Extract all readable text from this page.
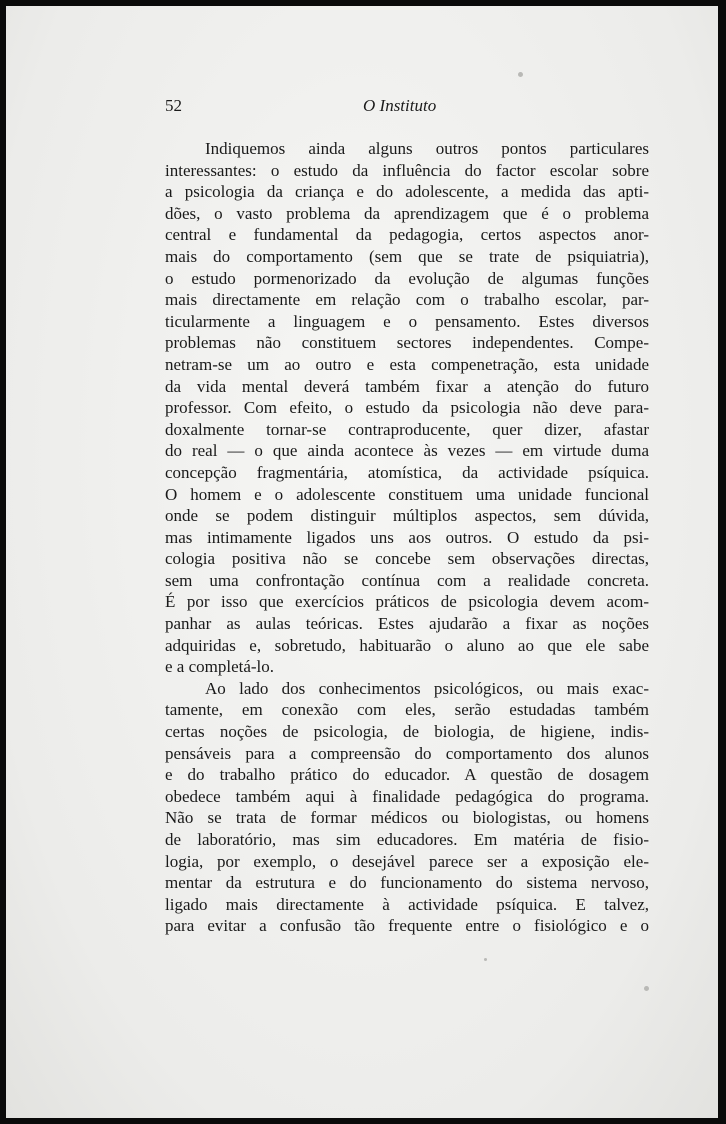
52	O Instituto
Indiquemos ainda alguns outros pontos particulares
interessantes: o estudo da influência do factor escolar sobre
a psicologia da criança e do adolescente, a medida das apti-
dões, o vasto problema da aprendizagem que é o problema
central e fundamental da pedagogia, certos aspectos anor-
mais do comportamento (sem que se trate de psiquiatria),
o estudo pormenorizado da evolução de algumas funções
mais directamente em relação com o trabalho escolar, par-
ticularmente a linguagem e o pensamento. Estes diversos
problemas não constituem sectores independentes. Compe-
netram-se um ao outro e esta compenetração, esta unidade
da vida mental deverá também fixar a atenção do futuro
professor. Com efeito, o estudo da psicologia não deve para-
doxalmente tornar-se contraproducente, quer dizer, afastar
do real — o que ainda acontece às vezes — em virtude duma
concepção fragmentária, atomística, da actividade psíquica.
O homem e o adolescente constituem uma unidade funcional
onde se podem distinguir múltiplos aspectos, sem dúvida,
mas intimamente ligados uns aos outros. O estudo da psi-
cologia positiva não se concebe sem observações directas,
sem uma confrontação contínua com a realidade concreta.
É por isso que exercícios práticos de psicologia devem acom-
panhar as aulas teóricas. Estes ajudarão a fixar as noções
adquiridas e, sobretudo, habituarão o aluno ao que ele sabe
e a completá-lo.
Ao lado dos conhecimentos psicológicos, ou mais exac-
tamente, em conexão com eles, serão estudadas também
certas noções de psicologia, de biologia, de higiene, indis-
pensáveis para a compreensão do comportamento dos alunos
e do trabalho prático do educador. A questão de dosagem
obedece também aqui à finalidade pedagógica do programa.
Não se trata de formar médicos ou biologistas, ou homens
de laboratório, mas sim educadores. Em matéria de fisio-
logia, por exemplo, o desejável parece ser a exposição ele-
mentar da estrutura e do funcionamento do sistema nervoso,
ligado mais directamente à actividade psíquica. E talvez,
para evitar a confusão tão frequente entre o fisiológico e o
